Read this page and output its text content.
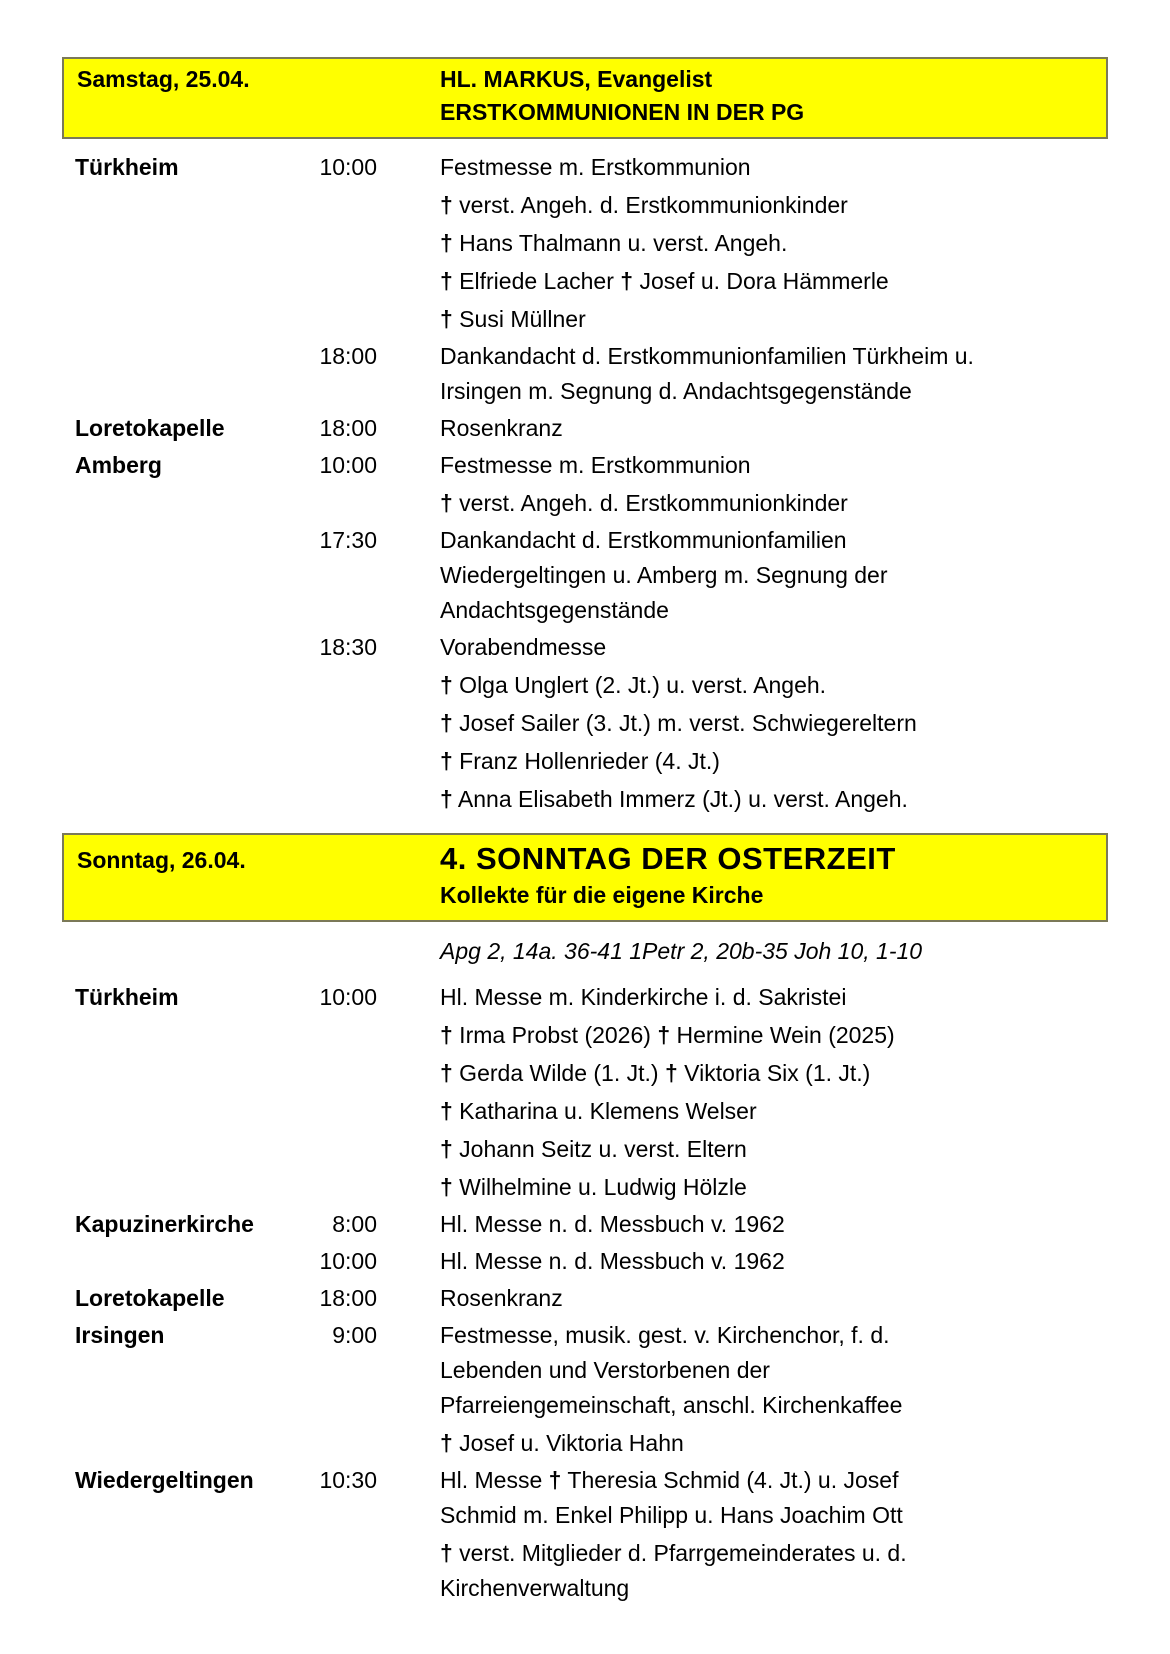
Samstag, 25.04.	HL. MARKUS, Evangelist
ERSTKOMMUNIONEN IN DER PG
Türkheim	10:00	Festmesse m. Erstkommunion
† verst. Angeh. d. Erstkommunionkinder
† Hans Thalmann u. verst. Angeh.
† Elfriede Lacher † Josef u. Dora Hämmerle
† Susi Müllner
18:00	Dankandacht d. Erstkommunionfamilien Türkheim u.
Irsingen m. Segnung d. Andachtsgegenstände
Loretokapelle	18:00	Rosenkranz
Amberg	10:00	Festmesse m. Erstkommunion
† verst. Angeh. d. Erstkommunionkinder
17:30	Dankandacht d. Erstkommunionfamilien
Wiedergeltingen u. Amberg m. Segnung der
Andachtsgegenstände
18:30	Vorabendmesse
† Olga Unglert (2. Jt.) u. verst. Angeh.
† Josef Sailer (3. Jt.) m. verst. Schwiegereltern
† Franz Hollenrieder (4. Jt.)
† Anna Elisabeth Immerz (Jt.) u. verst. Angeh.
Sonntag, 26.04.	4. SONNTAG DER OSTERZEIT
Kollekte für die eigene Kirche
Apg 2, 14a. 36-41 1Petr 2, 20b-35 Joh 10, 1-10
Türkheim	10:00	Hl. Messe m. Kinderkirche i. d. Sakristei
† Irma Probst (2026) † Hermine Wein (2025)
† Gerda Wilde (1. Jt.) † Viktoria Six (1. Jt.)
† Katharina u. Klemens Welser
† Johann Seitz u. verst. Eltern
† Wilhelmine u. Ludwig Hölzle
Kapuzinerkirche	8:00	Hl. Messe n. d. Messbuch v. 1962
10:00	Hl. Messe n. d. Messbuch v. 1962
Loretokapelle	18:00	Rosenkranz
Irsingen	9:00	Festmesse, musik. gest. v. Kirchenchor, f. d.
Lebenden und Verstorbenen der
Pfarreiengemeinschaft, anschl. Kirchenkaffee
† Josef u. Viktoria Hahn
Wiedergeltingen	10:30	Hl. Messe † Theresia Schmid (4. Jt.) u. Josef
Schmid m. Enkel Philipp u. Hans Joachim Ott
† verst. Mitglieder d. Pfarrgemeinderates u. d.
Kirchenverwaltung
